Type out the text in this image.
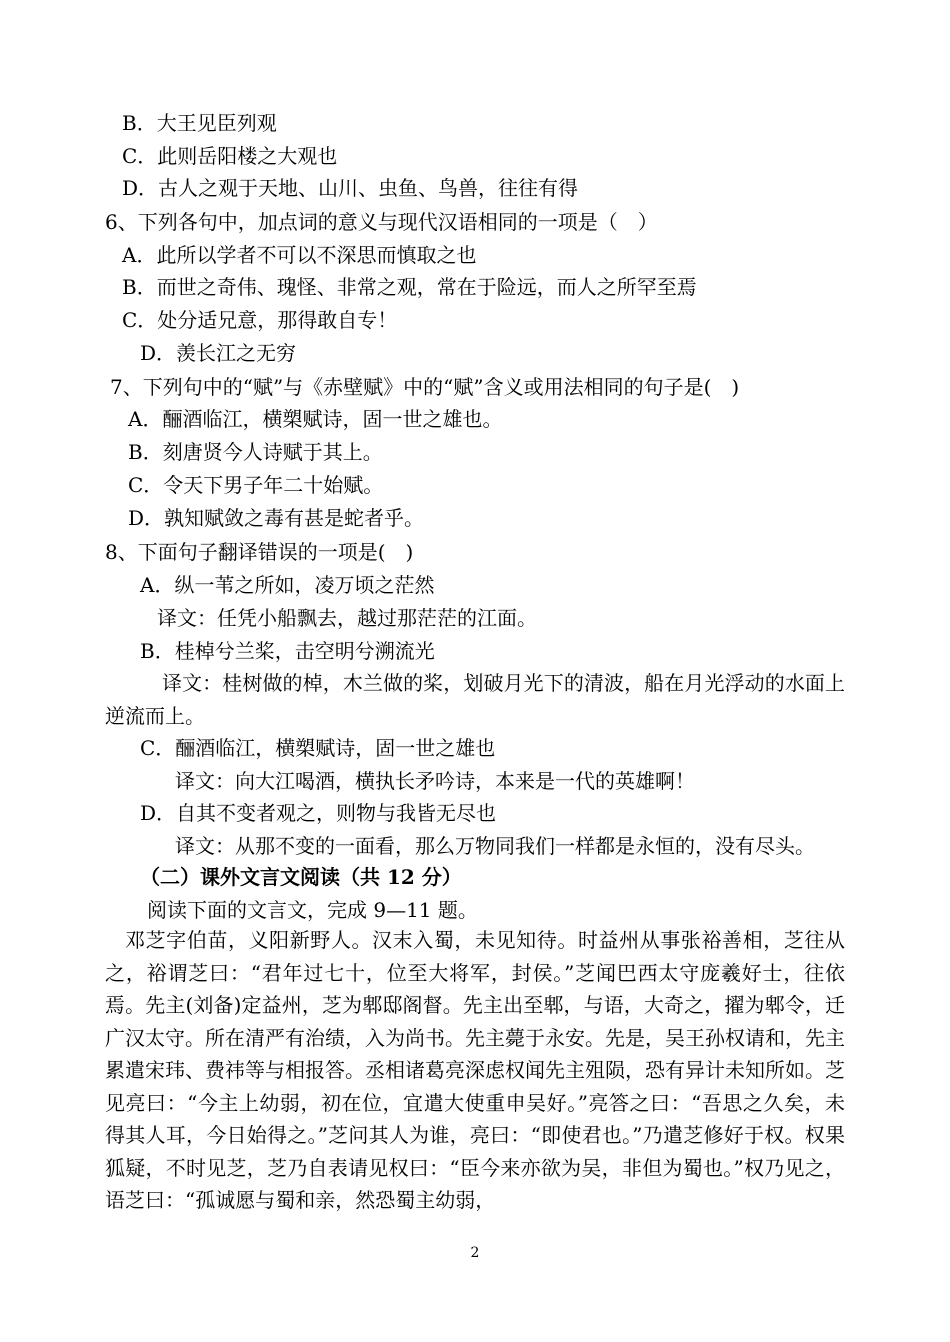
B．大王见臣列观
C．此则岳阳楼之大观也
D．古人之观于天地、山川、虫鱼、鸟兽，往往有得
6、下列各句中，加点词的意义与现代汉语相同的一项是（　）
A．此所以学者不可以不深思而慎取之也
B．而世之奇伟、瑰怪、非常之观，常在于险远，而人之所罕至焉
C．处分适兄意，那得敢自专！
D．羡长江之无穷
7、下列句中的“赋”与《赤壁赋》中的“赋”含义或用法相同的句子是(　)
A．酾酒临江，横槊赋诗，固一世之雄也。
B．刻唐贤今人诗赋于其上。
C．令天下男子年二十始赋。
D．孰知赋敛之毒有甚是蛇者乎。
8、下面句子翻译错误的一项是(　)
A．纵一苇之所如，凌万顷之茫然
译文：任凭小船飘去，越过那茫茫的江面。
B．桂棹兮兰桨，击空明兮溯流光
译文：桂树做的棹，木兰做的桨，划破月光下的清波，船在月光浮动的水面上逆流而上。
C．酾酒临江，横槊赋诗，固一世之雄也
译文：向大江喝酒，横执长矛吟诗，本来是一代的英雄啊！
D．自其不变者观之，则物与我皆无尽也
译文：从那不变的一面看，那么万物同我们一样都是永恒的，没有尽头。
（二）课外文言文阅读（共 12 分）
阅读下面的文言文，完成 9—11 题。
邓芝字伯苗，义阳新野人。汉末入蜀，未见知待。时益州从事张裕善相，芝往从之，裕谓芝曰：“君年过七十，位至大将军，封侯。”芝闻巴西太守庞羲好士，往依焉。先主(刘备)定益州，芝为郫邸阁督。先主出至郫，与语，大奇之，擢为郫令，迁广汉太守。所在清严有治绩，入为尚书。先主薨于永安。先是，吴王孙权请和，先主累遣宋玮、费祎等与相报答。丞相诸葛亮深虑权闻先主殂陨，恐有异计未知所如。芝见亮曰：“今主上幼弱，初在位，宜遣大使重申吴好。”亮答之曰：“吾思之久矣，未得其人耳，今日始得之。”芝问其人为谁，亮曰：“即使君也。”乃遣芝修好于权。权果狐疑，不时见芝，芝乃自表请见权曰：“臣今来亦欲为吴，非但为蜀也。”权乃见之，语芝曰：“孤诚愿与蜀和亲，然恐蜀主幼弱，
2
